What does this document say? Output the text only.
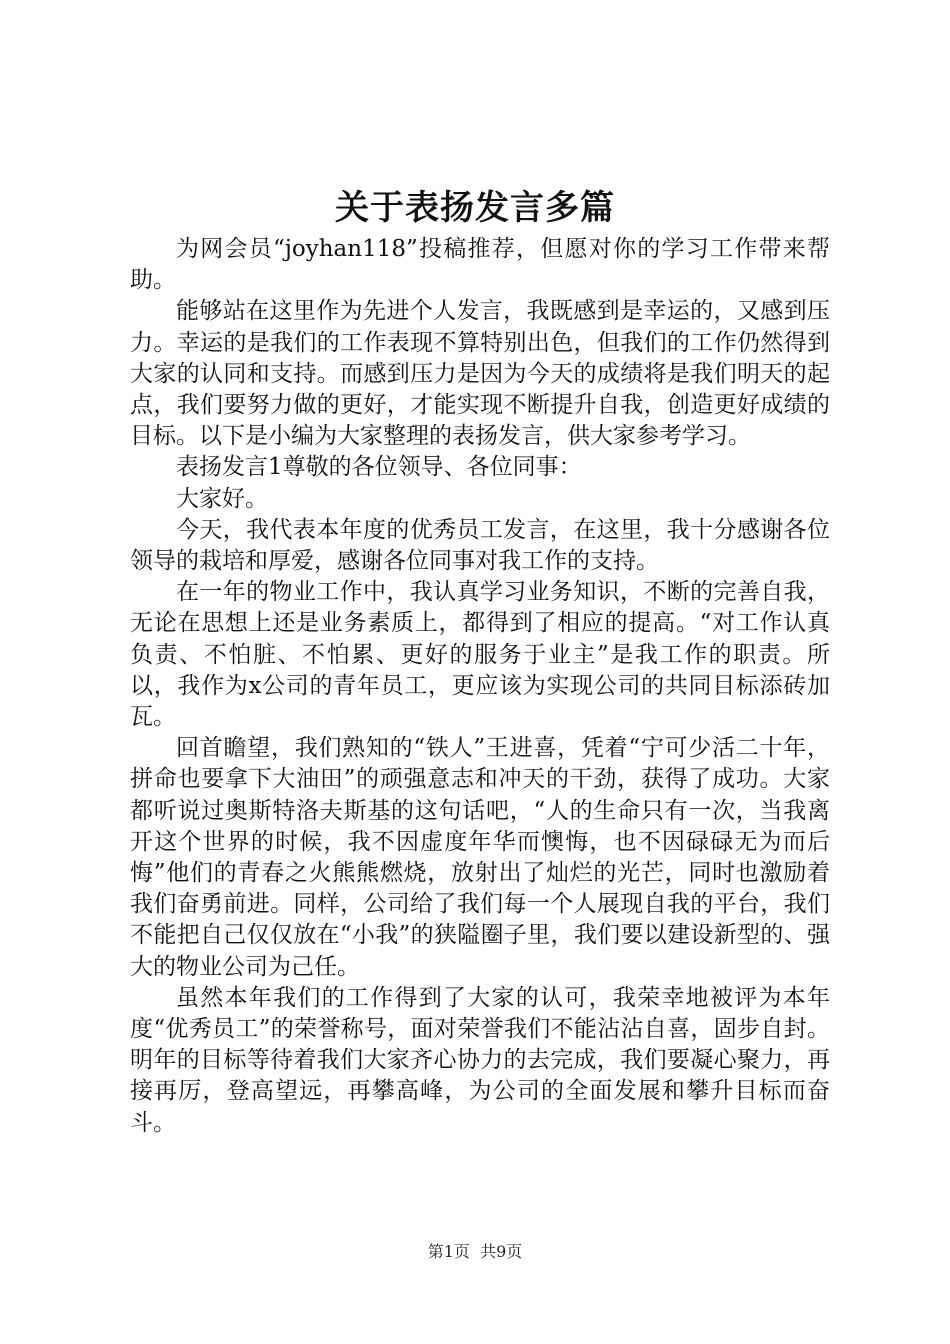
关于表扬发言多篇

为网会员“joyhan118”投稿推荐，但愿对你的学习工作带来帮助。

能够站在这里作为先进个人发言，我既感到是幸运的，又感到压力。幸运的是我们的工作表现不算特别出色，但我们的工作仍然得到大家的认同和支持。而感到压力是因为今天的成绩将是我们明天的起点，我们要努力做的更好，才能实现不断提升自我，创造更好成绩的目标。以下是小编为大家整理的表扬发言，供大家参考学习。

表扬发言1尊敬的各位领导、各位同事：

大家好。

今天，我代表本年度的优秀员工发言，在这里，我十分感谢各位领导的栽培和厚爱，感谢各位同事对我工作的支持。

在一年的物业工作中，我认真学习业务知识，不断的完善自我，无论在思想上还是业务素质上，都得到了相应的提高。“对工作认真负责、不怕脏、不怕累、更好的服务于业主”是我工作的职责。所以，我作为x公司的青年员工，更应该为实现公司的共同目标添砖加瓦。

回首瞻望，我们熟知的“铁人”王进喜，凭着“宁可少活二十年，拼命也要拿下大油田”的顽强意志和冲天的干劲，获得了成功。大家都听说过奥斯特洛夫斯基的这句话吧，“人的生命只有一次，当我离开这个世界的时候，我不因虚度年华而懊悔，也不因碌碌无为而后悔”他们的青春之火熊熊燃烧，放射出了灿烂的光芒，同时也激励着我们奋勇前进。同样，公司给了我们每一个人展现自我的平台，我们不能把自己仅仅放在“小我”的狭隘圈子里，我们要以建设新型的、强大的物业公司为己任。

虽然本年我们的工作得到了大家的认可，我荣幸地被评为本年度“优秀员工”的荣誉称号，面对荣誉我们不能沾沾自喜，固步自封。明年的目标等待着我们大家齐心协力的去完成，我们要凝心聚力，再接再厉，登高望远，再攀高峰，为公司的全面发展和攀升目标而奋斗。

第1页  共9页
